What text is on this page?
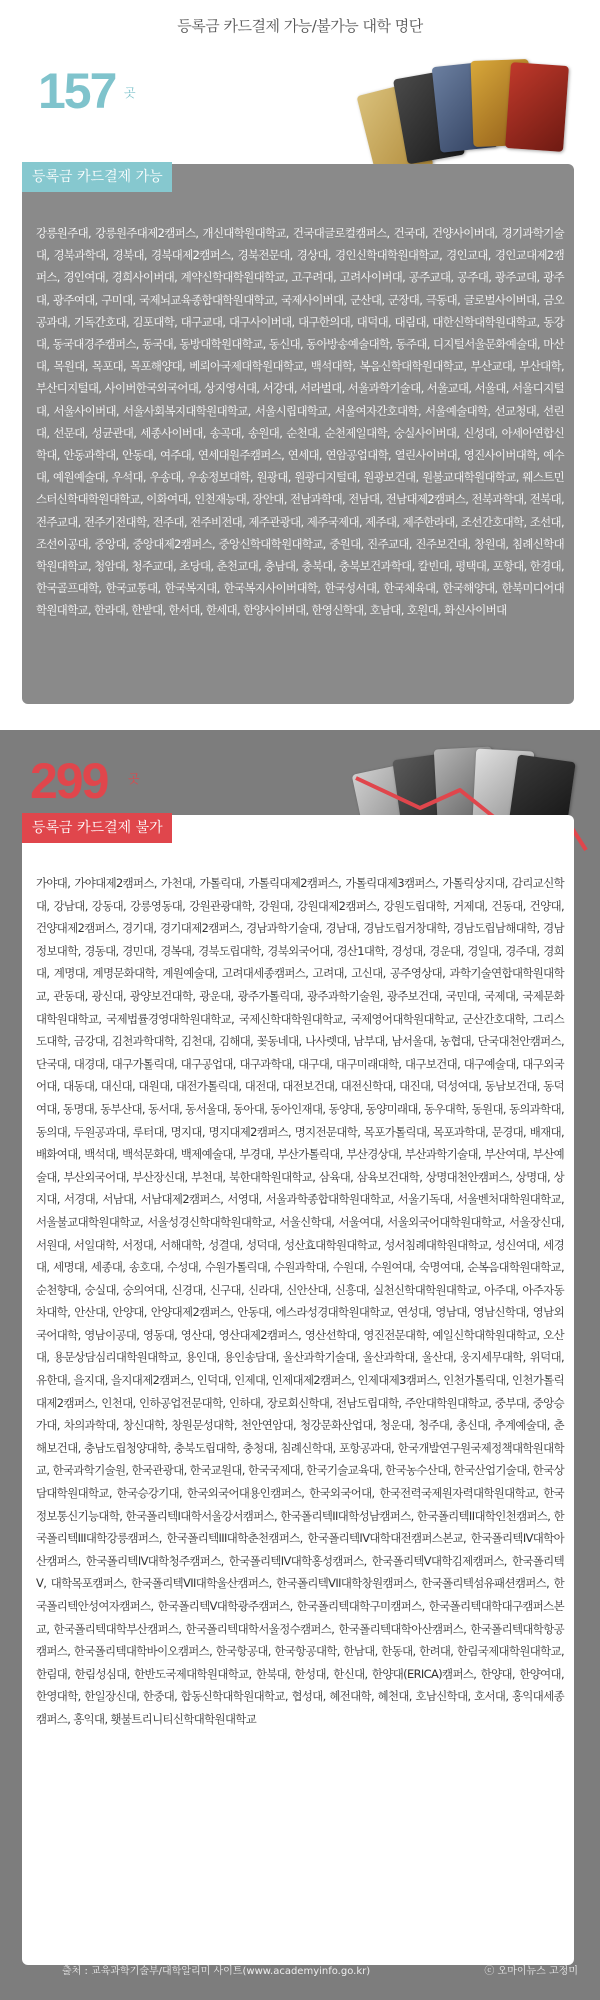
등록금 카드결제 가능/불가능 대학 명단
157 곳
등록금 카드결제 가능
강릉원주대, 강릉원주대제2캠퍼스, 개신대학원대학교, 건국대글로컬캠퍼스, 건국대, 건양사이버대, 경기과학기술대, 경북과학대, 경북대, 경북대제2캠퍼스, 경북전문대, 경상대, 경인신학대학원대학교, 경인교대, 경인교대제2캠퍼스, 경인여대, 경희사이버대, 계약신학대학원대학교, 고구려대, 고려사이버대, 공주교대, 공주대, 광주교대, 광주대, 광주여대, 구미대, 국제뇌교육종합대학원대학교, 국제사이버대, 군산대, 군장대, 극동대, 글로벌사이버대, 금오공과대, 기독간호대, 김포대학, 대구교대, 대구사이버대, 대구한의대, 대덕대, 대림대, 대한신학대학원대학교, 동강대, 동국대경주캠퍼스, 동국대, 동방대학원대학교, 동신대, 동아방송예술대학, 동주대, 디지털서울문화예술대, 마산대, 목원대, 목포대, 목포해양대, 베뢰아국제대학원대학교, 백석대학, 복음신학대학원대학교, 부산교대, 부산대학, 부산디지털대, 사이버한국외국어대, 상지영서대, 서강대, 서라벌대, 서울과학기술대, 서울교대, 서울대, 서울디지털대, 서울사이버대, 서울사회복지대학원대학교, 서울시립대학교, 서울여자간호대학, 서울예술대학, 선교청대, 선린대, 선문대, 성균관대, 세종사이버대, 송곡대, 송원대, 순천대, 순천제일대학, 숭실사이버대, 신성대, 아세아연합신학대, 안동과학대, 안동대, 여주대, 연세대원주캠퍼스, 연세대, 연암공업대학, 열린사이버대, 영진사이버대학, 예수대, 예원예술대, 우석대, 우송대, 우송정보대학, 원광대, 원광디지털대, 원광보건대, 원불교대학원대학교, 웨스트민스터신학대학원대학교, 이화여대, 인천재능대, 장안대, 전남과학대, 전남대, 전남대제2캠퍼스, 전북과학대, 전북대, 전주교대, 전주기전대학, 전주대, 전주비전대, 제주관광대, 제주국제대, 제주대, 제주한라대, 조선간호대학, 조선대, 조선이공대, 중앙대, 중앙대제2캠퍼스, 중앙신학대학원대학교, 중원대, 진주교대, 진주보건대, 창원대, 침례신학대학원대학교, 청암대, 청주교대, 초당대, 춘천교대, 충남대, 충북대, 충북보건과학대, 칼빈대, 평택대, 포항대, 한경대, 한국골프대학, 한국교통대, 한국복지대, 한국복지사이버대학, 한국성서대, 한국체육대, 한국해양대, 한북미디어대학원대학교, 한라대, 한밭대, 한서대, 한세대, 한양사이버대, 한영신학대, 호남대, 호원대, 화신사이버대
299 곳
등록금 카드결제 불가능
가야대, 가야대제2캠퍼스, 가천대, 가톨릭대, 가톨릭대제2캠퍼스, 가톨릭대제3캠퍼스, 가톨릭상지대, 감리교신학대, 강남대, 강동대, 강릉영동대, 강원관광대학, 강원대, 강원대제2캠퍼스, 강원도립대학, 거제대, 건동대, 건양대, 건양대제2캠퍼스, 경기대, 경기대제2캠퍼스, 경남과학기술대, 경남대, 경남도립거창대학, 경남도립남해대학, 경남정보대학, 경동대, 경민대, 경복대, 경북도립대학, 경북외국어대, 경산1대학, 경성대, 경운대, 경일대, 경주대, 경희대, 계명대, 계명문화대학, 계원예술대, 고려대세종캠퍼스, 고려대, 고신대, 공주영상대, 과학기술연합대학원대학교, 관동대, 광신대, 광양보건대학, 광운대, 광주가톨릭대, 광주과학기술원, 광주보건대, 국민대, 국제대, 국제문화대학원대학교, 국제법률경영대학원대학교, 국제신학대학원대학교, 국제영어대학원대학교, 군산간호대학, 그리스도대학, 금강대, 김천과학대학, 김천대, 김해대, 꽃동네대, 나사렛대, 남부대, 남서울대, 농협대, 단국대천안캠퍼스, 단국대, 대경대, 대구가톨릭대, 대구공업대, 대구과학대, 대구대, 대구미래대학, 대구보건대, 대구예술대, 대구외국어대, 대동대, 대신대, 대원대, 대전가톨릭대, 대전대, 대전보건대, 대전신학대, 대진대, 덕성여대, 동남보건대, 동덕여대, 동명대, 동부산대, 동서대, 동서울대, 동아대, 동아인재대, 동양대, 동양미래대, 동우대학, 동원대, 동의과학대, 동의대, 두원공과대, 루터대, 명지대, 명지대제2캠퍼스, 명지전문대학, 목포가톨릭대, 목포과학대, 문경대, 배재대, 배화여대, 백석대, 백석문화대, 백제예술대, 부경대, 부산가톨릭대, 부산경상대, 부산과학기술대, 부산여대, 부산예술대, 부산외국어대, 부산장신대, 부천대, 북한대학원대학교, 삼육대, 삼육보건대학, 상명대천안캠퍼스, 상명대, 상지대, 서경대, 서남대, 서남대제2캠퍼스, 서영대, 서울과학종합대학원대학교, 서울기독대, 서울벤처대학원대학교, 서울불교대학원대학교, 서울성경신학대학원대학교, 서울신학대, 서울여대, 서울외국어대학원대학교, 서울장신대, 서원대, 서일대학, 서정대, 서해대학, 성결대, 성덕대, 성산효대학원대학교, 성서침례대학원대학교, 성신여대, 세경대, 세명대, 세종대, 송호대, 수성대, 수원가톨릭대, 수원과학대, 수원대, 수원여대, 숙명여대, 순복음대학원대학교, 순천향대, 숭실대, 숭의여대, 신경대, 신구대, 신라대, 신안산대, 신흥대, 실천신학대학원대학교, 아주대, 아주자동차대학, 안산대, 안양대, 안양대제2캠퍼스, 안동대, 에스라성경대학원대학교, 연성대, 영남대, 영남신학대, 영남외국어대학, 영남이공대, 영동대, 영산대, 영산대제2캠퍼스, 영산선학대, 영진전문대학, 예일신학대학원대학교, 오산대, 용문상담심리대학원대학교, 용인대, 용인송담대, 울산과학기술대, 울산과학대, 울산대, 웅지세무대학, 위덕대, 유한대, 을지대, 을지대제2캠퍼스, 인덕대, 인제대, 인제대제2캠퍼스, 인제대제3캠퍼스, 인천가톨릭대, 인천가톨릭대제2캠퍼스, 인천대, 인하공업전문대학, 인하대, 장로회신학대, 전남도립대학, 주안대학원대학교, 중부대, 중앙승가대, 차의과학대, 창신대학, 창원문성대학, 천안연암대, 청강문화산업대, 청운대, 청주대, 총신대, 추계예술대, 춘해보건대, 충남도립청양대학, 충북도립대학, 충청대, 침례신학대, 포항공과대, 한국개발연구원국제정책대학원대학교, 한국과학기술원, 한국관광대, 한국교원대, 한국국제대, 한국기술교육대, 한국농수산대, 한국산업기술대, 한국상담대학원대학교, 한국승강기대, 한국외국어대용인캠퍼스, 한국외국어대, 한국전력국제원자력대학원대학교, 한국정보통신기능대학, 한국폴리텍I대학서울강서캠퍼스, 한국폴리텍II대학성남캠퍼스, 한국폴리텍II대학인천캠퍼스, 한국폴리텍III대학강릉캠퍼스, 한국폴리텍III대학춘천캠퍼스, 한국폴리텍IV대학대전캠퍼스본교, 한국폴리텍IV대학아산캠퍼스, 한국폴리텍IV대학청주캠퍼스, 한국폴리텍IV대학홍성캠퍼스, 한국폴리텍V대학김제캠퍼스, 한국폴리텍V, 대학목포캠퍼스, 한국폴리텍VII대학울산캠퍼스, 한국폴리텍VII대학창원캠퍼스, 한국폴리텍섬유패션캠퍼스, 한국폴리텍안성여자캠퍼스, 한국폴리텍V대학광주캠퍼스, 한국폴리텍대학구미캠퍼스, 한국폴리텍대학대구캠퍼스본교, 한국폴리텍대학부산캠퍼스, 한국폴리텍대학서울정수캠퍼스, 한국폴리텍대학아산캠퍼스, 한국폴리텍대학항공캠퍼스, 한국폴리텍대학바이오캠퍼스, 한국항공대, 한국항공대학, 한남대, 한동대, 한려대, 한림국제대학원대학교, 한림대, 한림성심대, 한반도국제대학원대학교, 한북대, 한성대, 한신대, 한양대(ERICA)캠퍼스, 한양대, 한양여대, 한영대학, 한일장신대, 한중대, 합동신학대학원대학교, 협성대, 혜전대학, 혜천대, 호남신학대, 호서대, 홍익대세종캠퍼스, 홍익대, 횃불트리니티신학대학원대학교
OhmyNews
출처 : 교육과학기술부/대학알리미 사이트(www.academyinfo.go.kr)	ⓒ 오마이뉴스 고정미
